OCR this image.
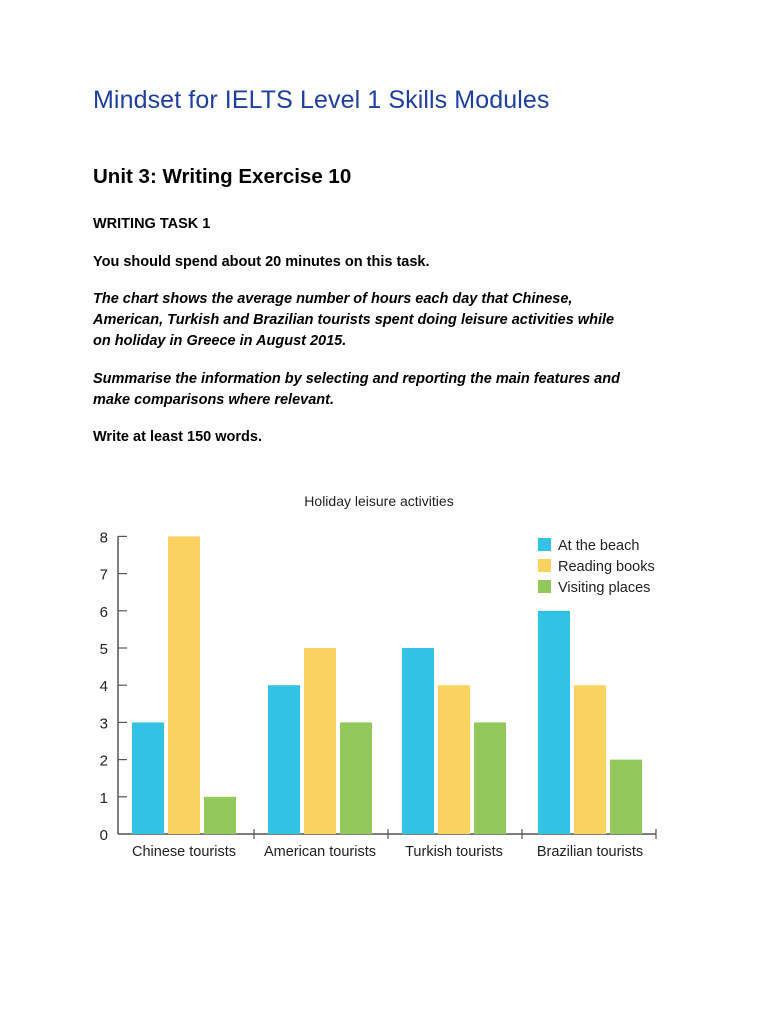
Mindset for IELTS Level 1 Skills Modules
Unit 3: Writing Exercise 10

WRITING TASK 1

You should spend about 20 minutes on this task.

The chart shows the average number of hours each day that Chinese,

American, Turkish and Brazilian tourists spent doing leisure activities while

on holiday in Greece in August 2015.

Summarise the information by selecting and reporting the main features and

make comparisons where relevant.

Write at least 150 words.

Holiday leisure activities
0
1
2
3
4
5
6
7
8
Chinese tourists American tourists Turkish tourists Brazilian tourists
At the beach
Reading books
Visiting places
